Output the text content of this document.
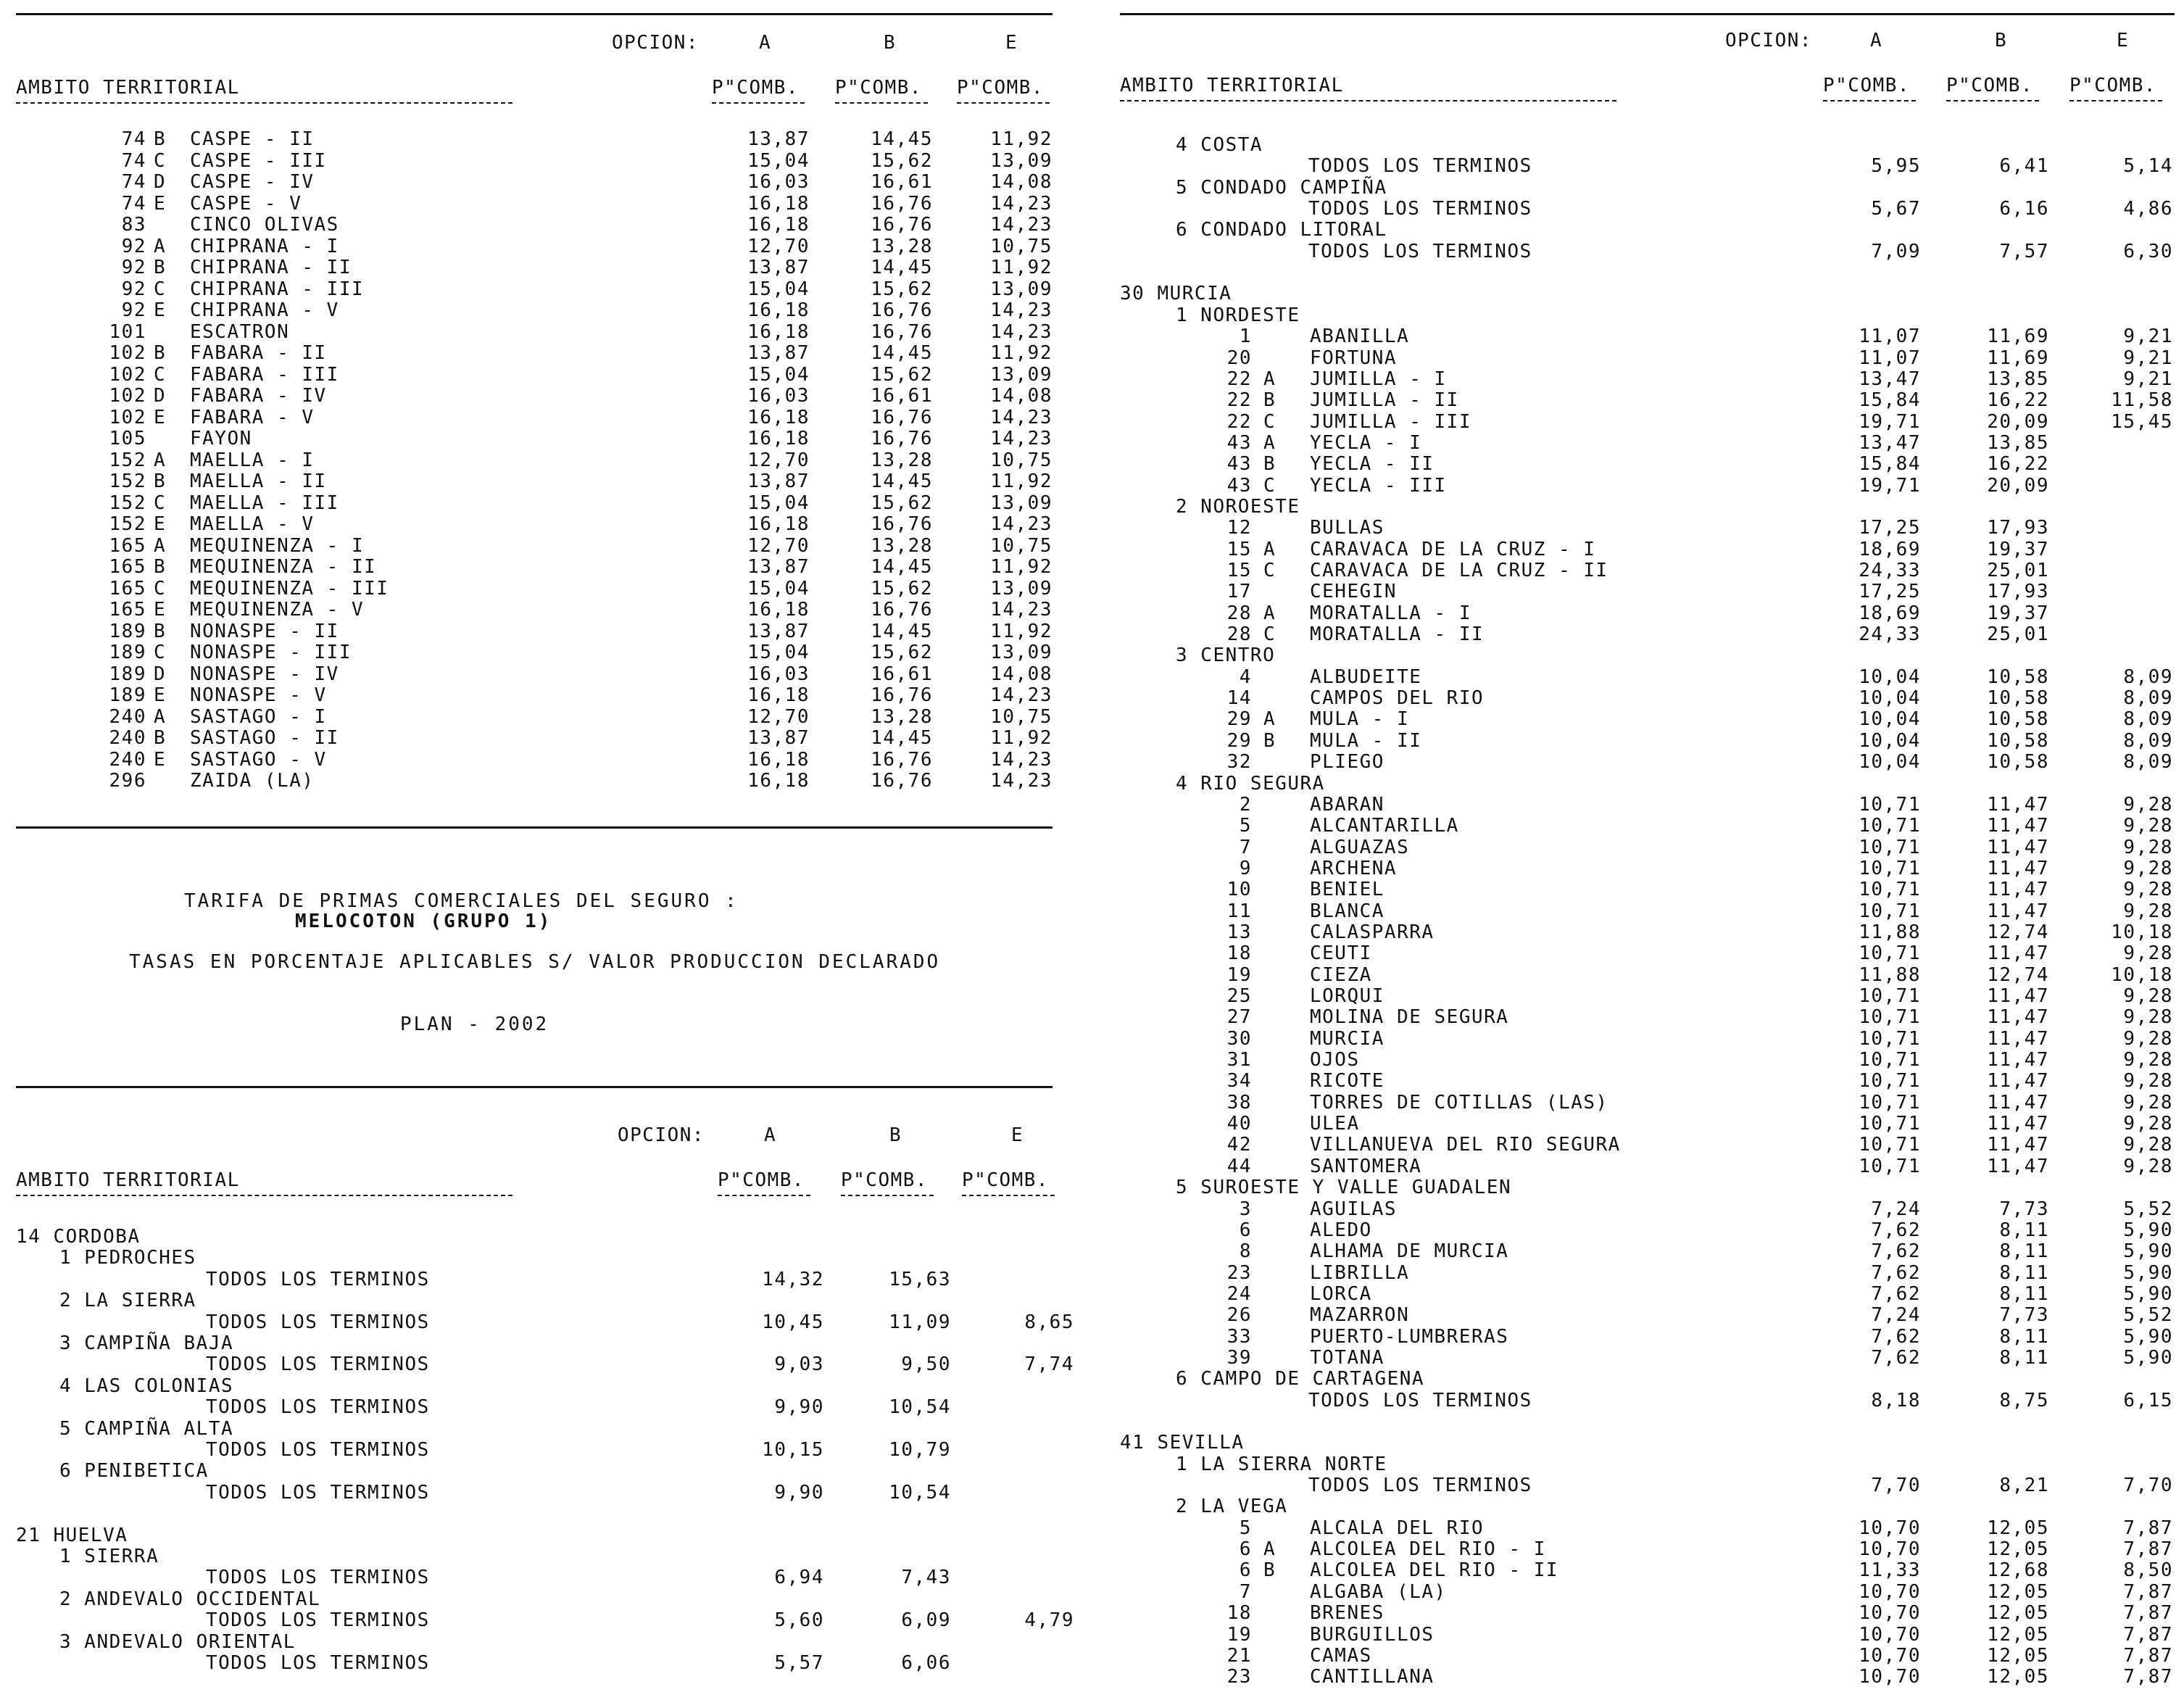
OPCION:	A	B	E
AMBITO TERRITORIAL	P"COMB. P"COMB. P"COMB.
74 B CASPE - II	13,87	14,45	11,92
74 C CASPE - III	15,04	15,62	13,09
74 D CASPE - IV	16,03	16,61	14,08
74 E CASPE - V	16,18	16,76	14,23
83 CINCO OLIVAS	16,18	16,76	14,23
92 A CHIPRANA - I	12,70	13,28	10,75
92 B CHIPRANA - II	13,87	14,45	11,92
92 C CHIPRANA - III	15,04	15,62	13,09
92 E CHIPRANA - V	16,18	16,76	14,23
101 ESCATRON	16,18	16,76	14,23
102 B FABARA - II	13,87	14,45	11,92
102 C FABARA - III	15,04	15,62	13,09
102 D FABARA - IV	16,03	16,61	14,08
102 E FABARA - V	16,18	16,76	14,23
105 FAYON	16,18	16,76	14,23
152 A MAELLA - I	12,70	13,28	10,75
152 B MAELLA - II	13,87	14,45	11,92
152 C MAELLA - III	15,04	15,62	13,09
152 E MAELLA - V	16,18	16,76	14,23
165 A MEQUINENZA - I	12,70	13,28	10,75
165 B MEQUINENZA - II	13,87	14,45	11,92
165 C MEQUINENZA - III	15,04	15,62	13,09
165 E MEQUINENZA - V	16,18	16,76	14,23
189 B NONASPE - II	13,87	14,45	11,92
189 C NONASPE - III	15,04	15,62	13,09
189 D NONASPE - IV	16,03	16,61	14,08
189 E NONASPE - V	16,18	16,76	14,23
240 A SASTAGO - I	12,70	13,28	10,75
240 B SASTAGO - II	13,87	14,45	11,92
240 E SASTAGO - V	16,18	16,76	14,23
296 ZAIDA (LA)	16,18	16,76	14,23
TARIFA DE PRIMAS COMERCIALES DEL SEGURO :
MELOCOTON (GRUPO 1)
TASAS EN PORCENTAJE APLICABLES S/ VALOR PRODUCCION DECLARADO
PLAN - 2002
OPCION:	A	B	E
AMBITO TERRITORIAL	P"COMB. P"COMB. P"COMB.
14 CORDOBA
1 PEDROCHES
TODOS LOS TERMINOS	14,32	15,63
2 LA SIERRA
TODOS LOS TERMINOS	10,45	11,09	8,65
3 CAMPIÑA BAJA
TODOS LOS TERMINOS	9,03	9,50	7,74
4 LAS COLONIAS
TODOS LOS TERMINOS	9,90	10,54
5 CAMPIÑA ALTA
TODOS LOS TERMINOS	10,15	10,79
6 PENIBETICA
TODOS LOS TERMINOS	9,90	10,54
21 HUELVA
1 SIERRA
TODOS LOS TERMINOS	6,94	7,43
2 ANDEVALO OCCIDENTAL
TODOS LOS TERMINOS	5,60	6,09	4,79
3 ANDEVALO ORIENTAL
TODOS LOS TERMINOS	5,57	6,06
OPCION:	A	B	E
AMBITO TERRITORIAL	P"COMB. P"COMB. P"COMB.
4 COSTA
TODOS LOS TERMINOS	5,95	6,41	5,14
5 CONDADO CAMPIÑA
TODOS LOS TERMINOS	5,67	6,16	4,86
6 CONDADO LITORAL
TODOS LOS TERMINOS	7,09	7,57	6,30
30 MURCIA
1 NORDESTE
1	ABANILLA	11,07	11,69	9,21
20	FORTUNA	11,07	11,69	9,21
22 A JUMILLA - I	13,47	13,85	9,21
22 B JUMILLA - II	15,84	16,22	11,58
22 C JUMILLA - III	19,71	20,09	15,45
43 A YECLA - I	13,47	13,85
43 B YECLA - II	15,84	16,22
43 C YECLA - III	19,71	20,09
2 NOROESTE
12	BULLAS	17,25	17,93
15 A CARAVACA DE LA CRUZ - I	18,69	19,37
15 C CARAVACA DE LA CRUZ - II	24,33	25,01
17	CEHEGIN	17,25	17,93
28 A MORATALLA - I	18,69	19,37
28 C MORATALLA - II	24,33	25,01
3 CENTRO
4	ALBUDEITE	10,04	10,58	8,09
14	CAMPOS DEL RIO	10,04	10,58	8,09
29 A MULA - I	10,04	10,58	8,09
29 B MULA - II	10,04	10,58	8,09
32	PLIEGO	10,04	10,58	8,09
4 RIO SEGURA
2	ABARAN	10,71	11,47	9,28
5	ALCANTARILLA	10,71	11,47	9,28
7	ALGUAZAS	10,71	11,47	9,28
9	ARCHENA	10,71	11,47	9,28
10	BENIEL	10,71	11,47	9,28
11	BLANCA	10,71	11,47	9,28
13	CALASPARRA	11,88	12,74	10,18
18	CEUTI	10,71	11,47	9,28
19	CIEZA	11,88	12,74	10,18
25	LORQUI	10,71	11,47	9,28
27	MOLINA DE SEGURA	10,71	11,47	9,28
30	MURCIA	10,71	11,47	9,28
31	OJOS	10,71	11,47	9,28
34	RICOTE	10,71	11,47	9,28
38	TORRES DE COTILLAS (LAS)	10,71	11,47	9,28
40	ULEA	10,71	11,47	9,28
42	VILLANUEVA DEL RIO SEGURA	10,71	11,47	9,28
44	SANTOMERA	10,71	11,47	9,28
5 SUROESTE Y VALLE GUADALEN
3	AGUILAS	7,24	7,73	5,52
6	ALEDO	7,62	8,11	5,90
8	ALHAMA DE MURCIA	7,62	8,11	5,90
23	LIBRILLA	7,62	8,11	5,90
24	LORCA	7,62	8,11	5,90
26	MAZARRON	7,24	7,73	5,52
33	PUERTO-LUMBRERAS	7,62	8,11	5,90
39	TOTANA	7,62	8,11	5,90
6 CAMPO DE CARTAGENA
TODOS LOS TERMINOS	8,18	8,75	6,15
41 SEVILLA
1 LA SIERRA NORTE
TODOS LOS TERMINOS	7,70	8,21	7,70
2 LA VEGA
5	ALCALA DEL RIO	10,70	12,05	7,87
6 A ALCOLEA DEL RIO - I	10,70	12,05	7,87
6 B ALCOLEA DEL RIO - II	11,33	12,68	8,50
7	ALGABA (LA)	10,70	12,05	7,87
18	BRENES	10,70	12,05	7,87
19	BURGUILLOS	10,70	12,05	7,87
21	CAMAS	10,70	12,05	7,87
23	CANTILLANA	10,70	12,05	7,87
